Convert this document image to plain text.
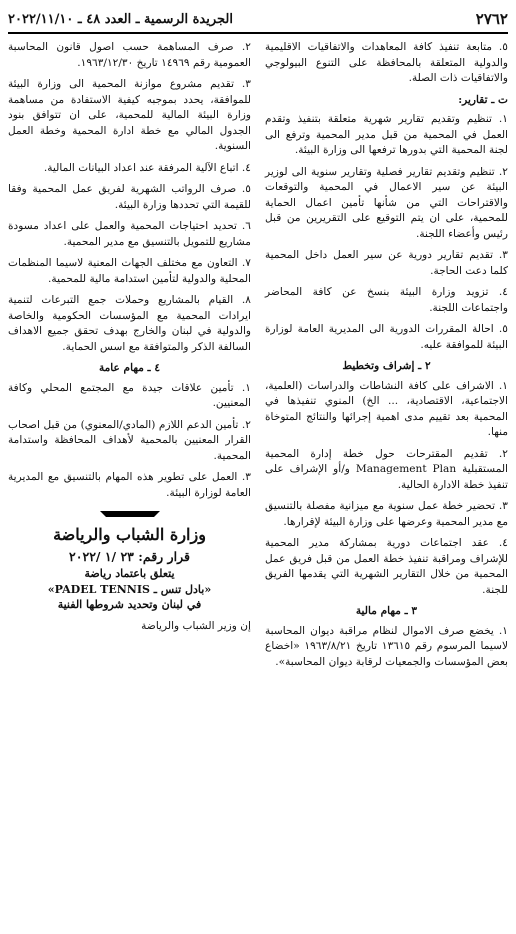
الجريدة الرسمية ـ العدد ٤٨ ـ ٢٠٢٢/١١/١٠	٢٧٦٢

٥. متابعة تنفيذ كافة المعاهدات والاتفاقيات الاقليمية والدولية المتعلقة بالمحافظة على التنوع البيولوجي والاتفاقيات ذات الصلة.

ت ـ تقارير:

١. تنظيم وتقديم تقارير شهرية متعلقة بتنفيذ وتقدم العمل في المحمية من قبل مدير المحمية وترفع الى لجنة المحمية التي بدورها ترفعها الى وزارة البيئة.

٢. تنظيم وتقديم تقارير فصلية وتقارير سنوية الى لوزير البيئة عن سير الاعمال في المحمية والتوقعات والاقتراحات التي من شأنها تأمين اعمال الحماية للمحمية، على ان يتم التوقيع على التقريرين من قبل رئيس وأعضاء اللجنة.

٣. تقديم تقارير دورية عن سير العمل داخل المحمية كلما دعت الحاجة.

٤. تزويد وزارة البيئة بنسخ عن كافة المحاضر واجتماعات اللجنة.

٥. احالة المقررات الدورية الى المديرية العامة لوزارة البيئة للموافقة عليه.

٢ ـ إشراف وتخطيط

١. الاشراف على كافة النشاطات والدراسات (العلمية، الاجتماعية، الاقتصادية، ... الخ) المنوي تنفيذها في المحمية بعد تقييم مدى اهمية إجرائها والنتائج المتوخاة منها.

٢. تقديم المقترحات حول خطة إدارة المحمية المستقبلية Management Plan و/أو الإشراف على تنفيذ خطة الادارة الحالية.

٣. تحضير خطة عمل سنوية مع ميزانية مفصلة بالتنسيق مع مدير المحمية وعرضها على وزارة البيئة لإقرارها.

٤. عقد اجتماعات دورية بمشاركة مدير المحمية للإشراف ومراقبة تنفيذ خطة العمل من قبل فريق عمل المحمية من خلال التقارير الشهرية التي يقدمها الفريق للجنة.

٣ ـ مهام مالية

١. يخضع صرف الاموال لنظام مراقبة ديوان المحاسبة لاسيما المرسوم رقم ١٣٦١٥ تاريخ ١٩٦٣/٨/٢١ «اخضاع بعض المؤسسات والجمعيات لرقابة ديوان المحاسبة».

٢. صرف المساهمة حسب اصول قانون المحاسبة العمومية رقم ١٤٩٦٩ تاريخ ١٩٦٣/١٢/٣٠.

٣. تقديم مشروع موازنة المحمية الى وزارة البيئة للموافقة، يحدد بموجبه كيفية الاستفادة من مساهمة وزارة البيئة المالية للمحمية، على ان تتوافق بنود الجدول المالي مع خطة ادارة المحمية وخطة العمل السنوية.

٤. اتباع الآلية المرفقة عند اعداد البيانات المالية.

٥. صرف الرواتب الشهرية لفريق عمل المحمية وفقا للقيمة التي تحددها وزارة البيئة.

٦. تحديد احتياجات المحمية والعمل على اعداد مسودة مشاريع للتمويل بالتنسيق مع مدير المحمية.

٧. التعاون مع مختلف الجهات المعنية لاسيما المنظمات المحلية والدولية لتأمين استدامة مالية للمحمية.

٨. القيام بالمشاريع وحملات جمع التبرعات لتنمية ايرادات المحمية مع المؤسسات الحكومية والخاصة والدولية في لبنان والخارج بهدف تحقق جميع الاهداف السالفة الذكر والمتوافقة مع اسس الحماية.

٤ ـ مهام عامة

١. تأمين علاقات جيدة مع المجتمع المحلي وكافة المعنيين.

٢. تأمين الدعم اللازم (المادي/المعنوي) من قبل اصحاب القرار المعنيين بالمحمية لأهداف المحافظة واستدامة المحمية.

٣. العمل على تطوير هذه المهام بالتنسيق مع المديرية العامة لوزارة البيئة.

وزارة الشباب والرياضة
قرار رقم: ٢٣ /١ /٢٠٢٢
يتعلق باعتماد رياضة
«بادل تنس ـ PADEL TENNIS»
في لبنان وتحديد شروطها الفنية
إن وزير الشباب والرياضة
